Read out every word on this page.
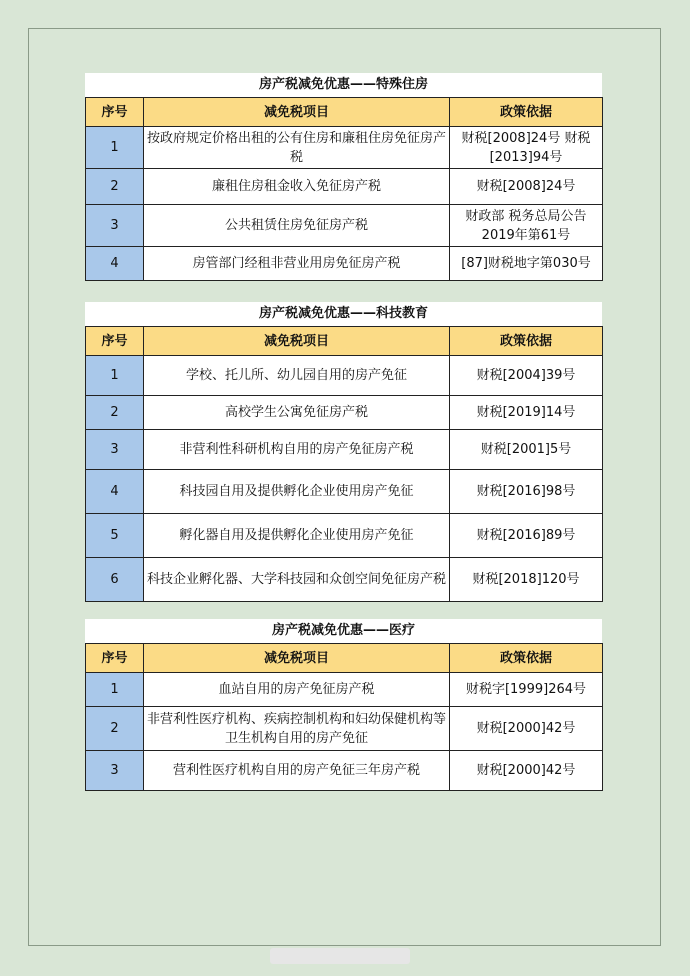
房产税减免优惠——特殊住房
序号	减免税项目	政策依据
1	按政府规定价格出租的公有住房和廉租住房免征房产税	财税[2008]24号 财税[2013]94号
2	廉租住房租金收入免征房产税	财税[2008]24号
3	公共租赁住房免征房产税	财政部 税务总局公告2019年第61号
4	房管部门经租非营业用房免征房产税	[87]财税地字第030号
房产税减免优惠——科技教育
序号	减免税项目	政策依据
1	学校、托儿所、幼儿园自用的房产免征	财税[2004]39号
2	高校学生公寓免征房产税	财税[2019]14号
3	非营利性科研机构自用的房产免征房产税	财税[2001]5号
4	科技园自用及提供孵化企业使用房产免征	财税[2016]98号
5	孵化器自用及提供孵化企业使用房产免征	财税[2016]89号
6	科技企业孵化器、大学科技园和众创空间免征房产税	财税[2018]120号
房产税减免优惠——医疗
序号	减免税项目	政策依据
1	血站自用的房产免征房产税	财税字[1999]264号
2	非营利性医疗机构、疾病控制机构和妇幼保健机构等卫生机构自用的房产免征	财税[2000]42号
3	营利性医疗机构自用的房产免征三年房产税	财税[2000]42号
